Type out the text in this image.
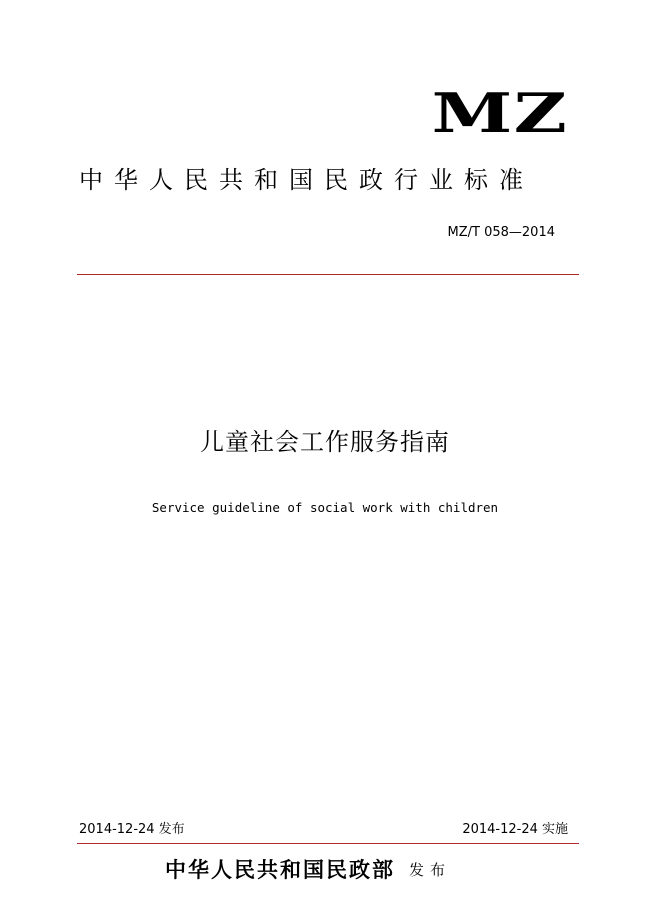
MZ
中华人民共和国民政行业标准
MZ/T 058—2014
儿童社会工作服务指南
Service guideline of social work with children
2014-12-24 发布	2014-12-24 实施
中华人民共和国民政部 发布
